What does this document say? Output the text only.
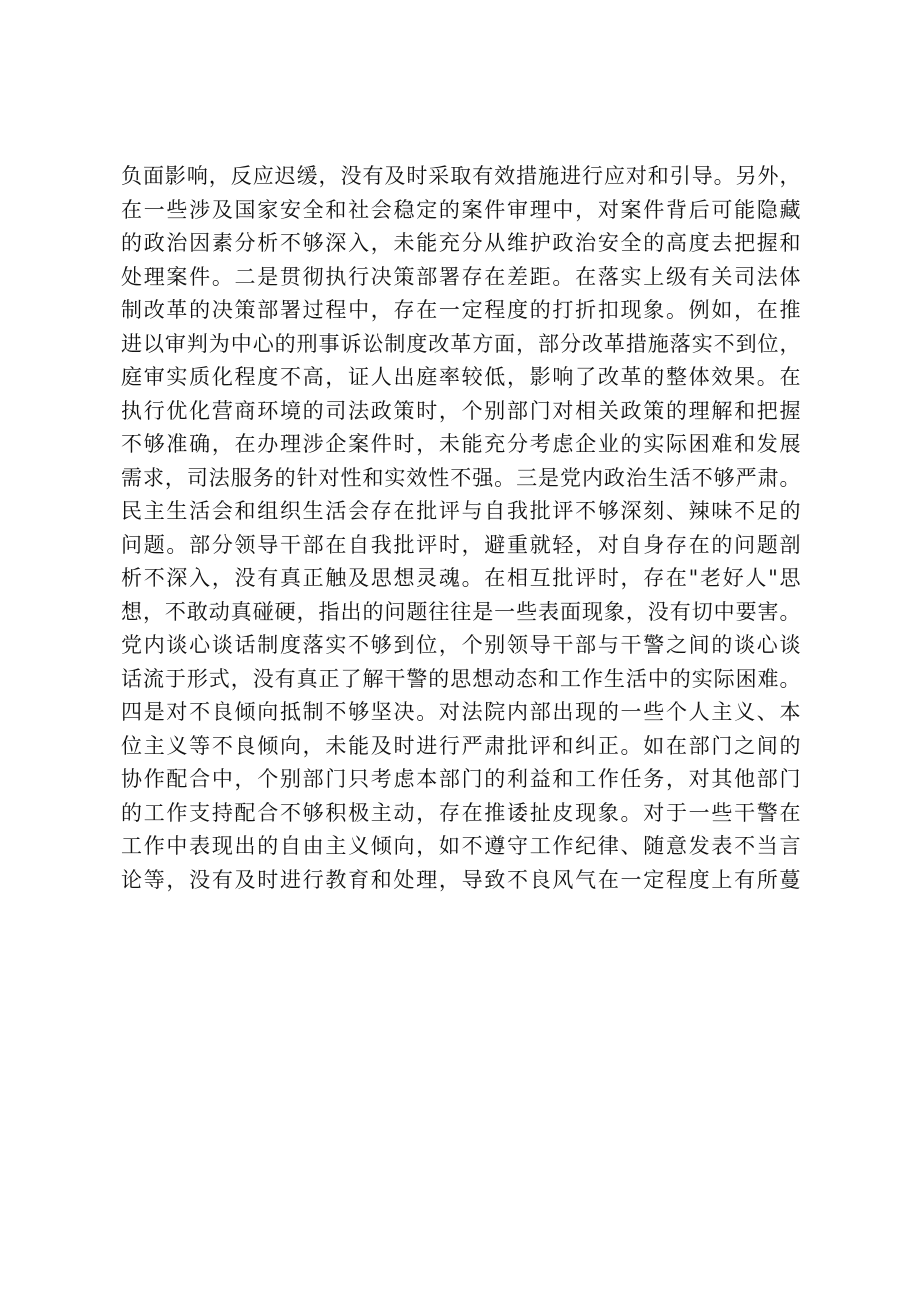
负面影响，反应迟缓，没有及时采取有效措施进行应对和引导。另外，
在一些涉及国家安全和社会稳定的案件审理中，对案件背后可能隐藏
的政治因素分析不够深入，未能充分从维护政治安全的高度去把握和
处理案件。二是贯彻执行决策部署存在差距。在落实上级有关司法体
制改革的决策部署过程中，存在一定程度的打折扣现象。例如，在推
进以审判为中心的刑事诉讼制度改革方面，部分改革措施落实不到位，
庭审实质化程度不高，证人出庭率较低，影响了改革的整体效果。在
执行优化营商环境的司法政策时，个别部门对相关政策的理解和把握
不够准确，在办理涉企案件时，未能充分考虑企业的实际困难和发展
需求，司法服务的针对性和实效性不强。三是党内政治生活不够严肃。
民主生活会和组织生活会存在批评与自我批评不够深刻、辣味不足的
问题。部分领导干部在自我批评时，避重就轻，对自身存在的问题剖
析不深入，没有真正触及思想灵魂。在相互批评时，存在"老好人"思
想，不敢动真碰硬，指出的问题往往是一些表面现象，没有切中要害。
党内谈心谈话制度落实不够到位，个别领导干部与干警之间的谈心谈
话流于形式，没有真正了解干警的思想动态和工作生活中的实际困难。
四是对不良倾向抵制不够坚决。对法院内部出现的一些个人主义、本
位主义等不良倾向，未能及时进行严肃批评和纠正。如在部门之间的
协作配合中，个别部门只考虑本部门的利益和工作任务，对其他部门
的工作支持配合不够积极主动，存在推诿扯皮现象。对于一些干警在
工作中表现出的自由主义倾向，如不遵守工作纪律、随意发表不当言
论等，没有及时进行教育和处理，导致不良风气在一定程度上有所蔓
